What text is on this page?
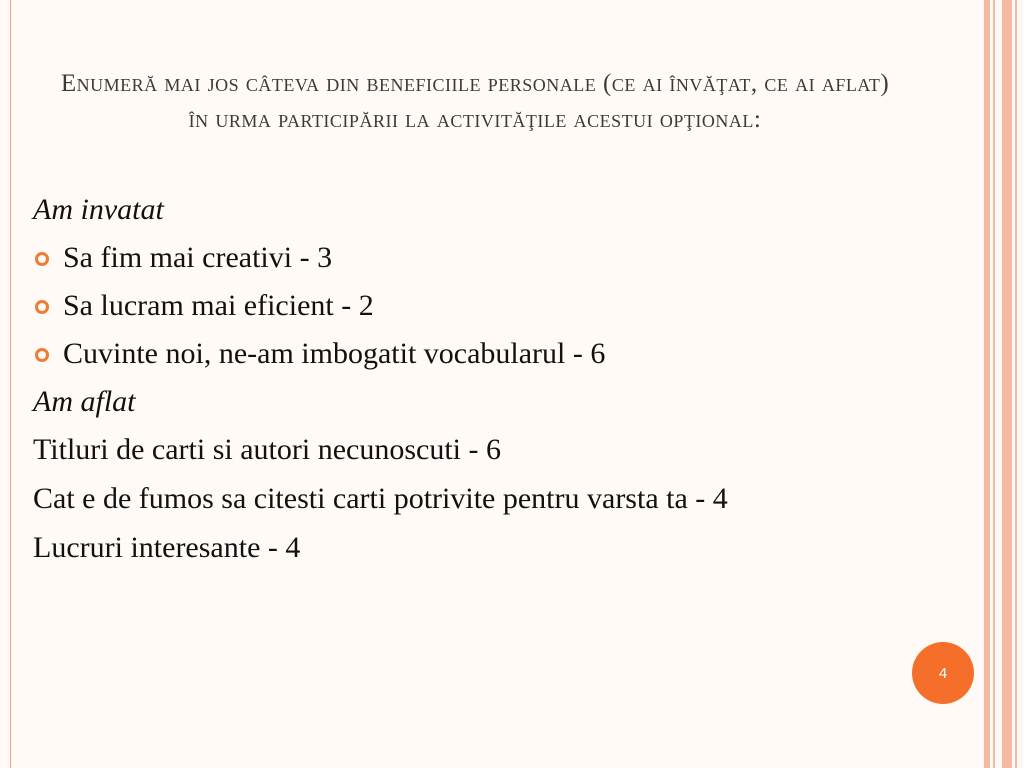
Enumeră mai jos câteva din beneficiile personale (ce ai învăţat, ce ai aflat) în urma participării la activităţile acestui opţional:
Am invatat
Sa fim mai creativi - 3
Sa lucram mai eficient - 2
Cuvinte noi, ne-am imbogatit vocabularul - 6
Am aflat
Titluri de carti si autori necunoscuti - 6
Cat e de fumos sa citesti carti potrivite pentru varsta ta - 4
Lucruri interesante - 4
4
